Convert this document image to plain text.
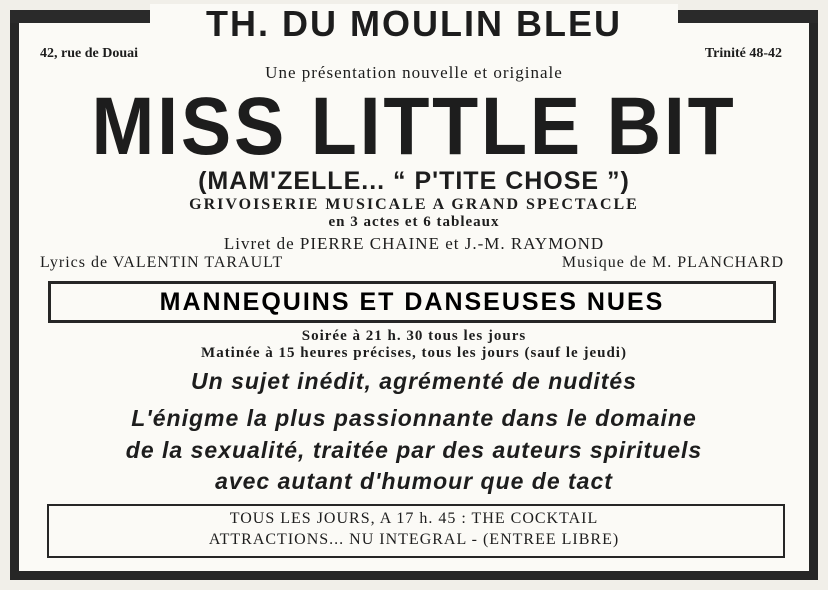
TH. DU MOULIN BLEU
42, rue de Douai	Trinité 48-42
Une présentation nouvelle et originale
MISS LITTLE BIT
(MAM'ZELLE... “ P'TITE CHOSE ”)
GRIVOISERIE MUSICALE A GRAND SPECTACLE
en 3 actes et 6 tableaux
Livret de PIERRE CHAINE et J.-M. RAYMOND
Lyrics de VALENTIN TARAULT	Musique de M. PLANCHARD
MANNEQUINS ET DANSEUSES NUES
Soirée à 21 h. 30 tous les jours
Matinée à 15 heures précises, tous les jours (sauf le jeudi)
Un sujet inédit, agrémenté de nudités
L'énigme la plus passionnante dans le domaine
de la sexualité, traitée par des auteurs spirituels
avec autant d'humour que de tact
TOUS LES JOURS, A 17 h. 45 : THE COCKTAIL
ATTRACTIONS... NU INTEGRAL - (ENTREE LIBRE)
